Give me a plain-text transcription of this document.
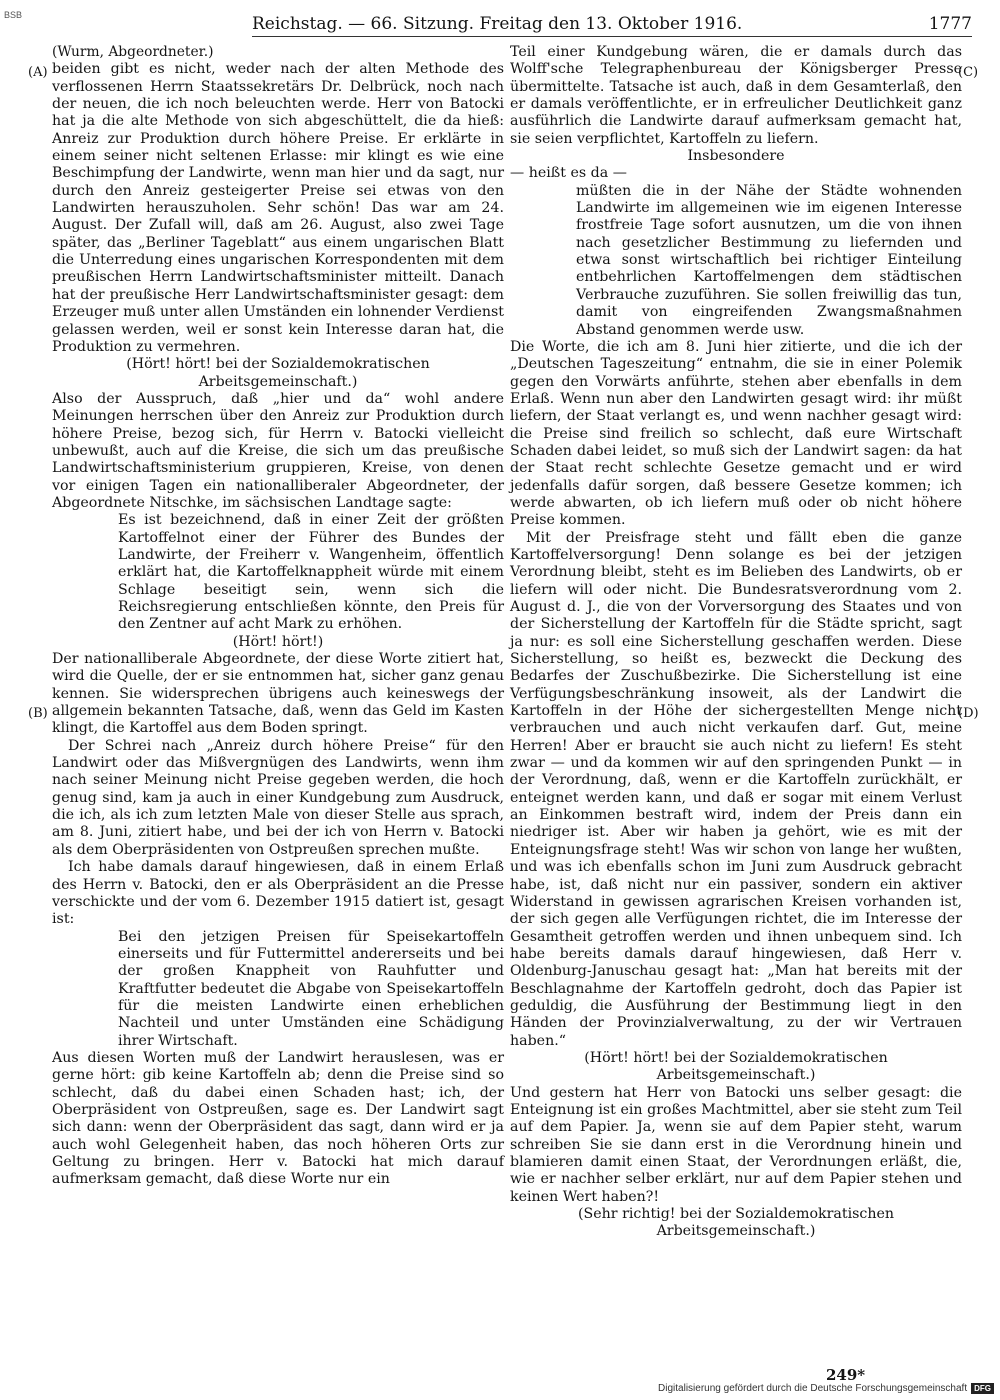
BSB	Reichstag. — 66. Sitzung. Freitag den 13. Oktober 1916.	1777
(A)
(B)
(C)
(D)

(Wurm, Abgeordneter.)

beiden gibt es nicht, weder nach der alten Methode des verflossenen Herrn Staatssekretärs Dr. Delbrück, noch nach der neuen, die ich noch beleuchten werde. Herr von Batocki hat ja die alte Methode von sich abgeschüttelt, die da hieß: Anreiz zur Produktion durch höhere Preise. Er erklärte in einem seiner nicht seltenen Erlasse: mir klingt es wie eine Beschimpfung der Landwirte, wenn man hier und da sagt, nur durch den Anreiz gesteigerter Preise sei etwas von den Landwirten herauszuholen. Sehr schön! Das war am 24. August. Der Zufall will, daß am 26. August, also zwei Tage später, das „Berliner Tageblatt“ aus einem ungarischen Blatt die Unterredung eines ungarischen Korrespondenten mit dem preußischen Herrn Landwirtschaftsminister mitteilt. Danach hat der preußische Herr Landwirtschaftsminister gesagt: dem Erzeuger muß unter allen Umständen ein lohnender Verdienst gelassen werden, weil er sonst kein Interesse daran hat, die Produktion zu vermehren.

(Hört! hört! bei der Sozialdemokratischen Arbeitsgemeinschaft.)

Also der Ausspruch, daß „hier und da“ wohl andere Meinungen herrschen über den Anreiz zur Produktion durch höhere Preise, bezog sich, für Herrn v. Batocki vielleicht unbewußt, auch auf die Kreise, die sich um das preußische Landwirtschaftsministerium gruppieren, Kreise, von denen vor einigen Tagen ein nationalliberaler Abgeordneter, der Abgeordnete Nitschke, im sächsischen Landtage sagte:

Es ist bezeichnend, daß in einer Zeit der größten Kartoffelnot einer der Führer des Bundes der Landwirte, der Freiherr v. Wangenheim, öffentlich erklärt hat, die Kartoffelknappheit würde mit einem Schlage beseitigt sein, wenn sich die Reichsregierung entschließen könnte, den Preis für den Zentner auf acht Mark zu erhöhen.

(Hört! hört!)

Der nationalliberale Abgeordnete, der diese Worte zitiert hat, wird die Quelle, der er sie entnommen hat, sicher ganz genau kennen. Sie widersprechen übrigens auch keineswegs der allgemein bekannten Tatsache, daß, wenn das Geld im Kasten klingt, die Kartoffel aus dem Boden springt.

Der Schrei nach „Anreiz durch höhere Preise“ für den Landwirt oder das Mißvergnügen des Landwirts, wenn ihm nach seiner Meinung nicht Preise gegeben werden, die hoch genug sind, kam ja auch in einer Kundgebung zum Ausdruck, die ich, als ich zum letzten Male von dieser Stelle aus sprach, am 8. Juni, zitiert habe, und bei der ich von Herrn v. Batocki als dem Oberpräsidenten von Ostpreußen sprechen mußte.

Ich habe damals darauf hingewiesen, daß in einem Erlaß des Herrn v. Batocki, den er als Oberpräsident an die Presse verschickte und der vom 6. Dezember 1915 datiert ist, gesagt ist:

Bei den jetzigen Preisen für Speisekartoffeln einerseits und für Futtermittel andererseits und bei der großen Knappheit von Rauhfutter und Kraftfutter bedeutet die Abgabe von Speisekartoffeln für die meisten Landwirte einen erheblichen Nachteil und unter Umständen eine Schädigung ihrer Wirtschaft.

Aus diesen Worten muß der Landwirt herauslesen, was er gerne hört: gib keine Kartoffeln ab; denn die Preise sind so schlecht, daß du dabei einen Schaden hast; ich, der Oberpräsident von Ostpreußen, sage es. Der Landwirt sagt sich dann: wenn der Oberpräsident das sagt, dann wird er ja auch wohl Gelegenheit haben, das noch höheren Orts zur Geltung zu bringen. Herr v. Batocki hat mich darauf aufmerksam gemacht, daß diese Worte nur ein

Teil einer Kundgebung wären, die er damals durch das Wolff'sche Telegraphenbureau der Königsberger Presse übermittelte. Tatsache ist auch, daß in dem Gesamterlaß, den er damals veröffentlichte, er in erfreulicher Deutlichkeit ganz ausführlich die Landwirte darauf aufmerksam gemacht hat, sie seien verpflichtet, Kartoffeln zu liefern.

Insbesondere

— heißt es da —

müßten die in der Nähe der Städte wohnenden Landwirte im allgemeinen wie im eigenen Interesse frostfreie Tage sofort ausnutzen, um die von ihnen nach gesetzlicher Bestimmung zu liefernden und etwa sonst wirtschaftlich bei richtiger Einteilung entbehrlichen Kartoffelmengen dem städtischen Verbrauche zuzuführen. Sie sollen freiwillig das tun, damit von eingreifenden Zwangsmaßnahmen Abstand genommen werde usw.

Die Worte, die ich am 8. Juni hier zitierte, und die ich der „Deutschen Tageszeitung“ entnahm, die sie in einer Polemik gegen den Vorwärts anführte, stehen aber ebenfalls in dem Erlaß. Wenn nun aber den Landwirten gesagt wird: ihr müßt liefern, der Staat verlangt es, und wenn nachher gesagt wird: die Preise sind freilich so schlecht, daß eure Wirtschaft Schaden dabei leidet, so muß sich der Landwirt sagen: da hat der Staat recht schlechte Gesetze gemacht und er wird jedenfalls dafür sorgen, daß bessere Gesetze kommen; ich werde abwarten, ob ich liefern muß oder ob nicht höhere Preise kommen.

Mit der Preisfrage steht und fällt eben die ganze Kartoffelversorgung! Denn solange es bei der jetzigen Verordnung bleibt, steht es im Belieben des Landwirts, ob er liefern will oder nicht. Die Bundesratsverordnung vom 2. August d. J., die von der Vorversorgung des Staates und von der Sicherstellung der Kartoffeln für die Städte spricht, sagt ja nur: es soll eine Sicherstellung geschaffen werden. Diese Sicherstellung, so heißt es, bezweckt die Deckung des Bedarfes der Zuschußbezirke. Die Sicherstellung ist eine Verfügungsbeschränkung insoweit, als der Landwirt die Kartoffeln in der Höhe der sichergestellten Menge nicht verbrauchen und auch nicht verkaufen darf. Gut, meine Herren! Aber er braucht sie auch nicht zu liefern! Es steht zwar — und da kommen wir auf den springenden Punkt — in der Verordnung, daß, wenn er die Kartoffeln zurückhält, er enteignet werden kann, und daß er sogar mit einem Verlust an Einkommen bestraft wird, indem der Preis dann ein niedriger ist. Aber wir haben ja gehört, wie es mit der Enteignungsfrage steht! Was wir schon von lange her wußten, und was ich ebenfalls schon im Juni zum Ausdruck gebracht habe, ist, daß nicht nur ein passiver, sondern ein aktiver Widerstand in gewissen agrarischen Kreisen vorhanden ist, der sich gegen alle Verfügungen richtet, die im Interesse der Gesamtheit getroffen werden und ihnen unbequem sind. Ich habe bereits damals darauf hingewiesen, daß Herr v. Oldenburg-Januschau gesagt hat: „Man hat bereits mit der Beschlagnahme der Kartoffeln gedroht, doch das Papier ist geduldig, die Ausführung der Bestimmung liegt in den Händen der Provinzialverwaltung, zu der wir Vertrauen haben.“

(Hört! hört! bei der Sozialdemokratischen Arbeitsgemeinschaft.)

Und gestern hat Herr von Batocki uns selber gesagt: die Enteignung ist ein großes Machtmittel, aber sie steht zum Teil auf dem Papier. Ja, wenn sie auf dem Papier steht, warum schreiben Sie sie dann erst in die Verordnung hinein und blamieren damit einen Staat, der Verordnungen erläßt, die, wie er nachher selber erklärt, nur auf dem Papier stehen und keinen Wert haben?!

(Sehr richtig! bei der Sozialdemokratischen Arbeitsgemeinschaft.)

249*
Digitalisierung gefördert durch die Deutsche Forschungsgemeinschaft DFG
